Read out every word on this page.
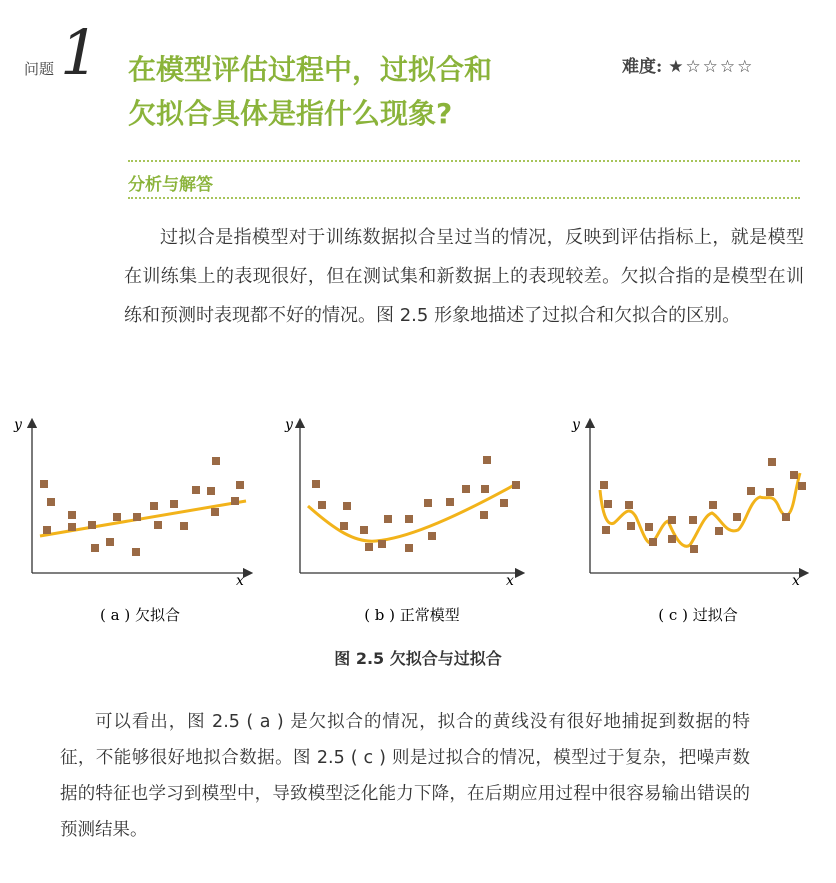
问题 1 在模型评估过程中，过拟合和
欠拟合具体是指什么现象?
难度: ★☆☆☆☆
分析与解答
过拟合是指模型对于训练数据拟合呈过当的情况，反映到评估指标上，就是模型在训练集上的表现很好，但在测试集和新数据上的表现较差。欠拟合指的是模型在训练和预测时表现都不好的情况。图 2.5 形象地描述了过拟合和欠拟合的区别。
y
x
y
x
y
x
( a ) 欠拟合	( b ) 正常模型	( c ) 过拟合
图 2.5 欠拟合与过拟合
可以看出，图 2.5 ( a ) 是欠拟合的情况，拟合的黄线没有很好地捕捉到数据的特征，不能够很好地拟合数据。图 2.5 ( c ) 则是过拟合的情况，模型过于复杂，把噪声数据的特征也学习到模型中，导致模型泛化能力下降，在后期应用过程中很容易输出错误的预测结果。
